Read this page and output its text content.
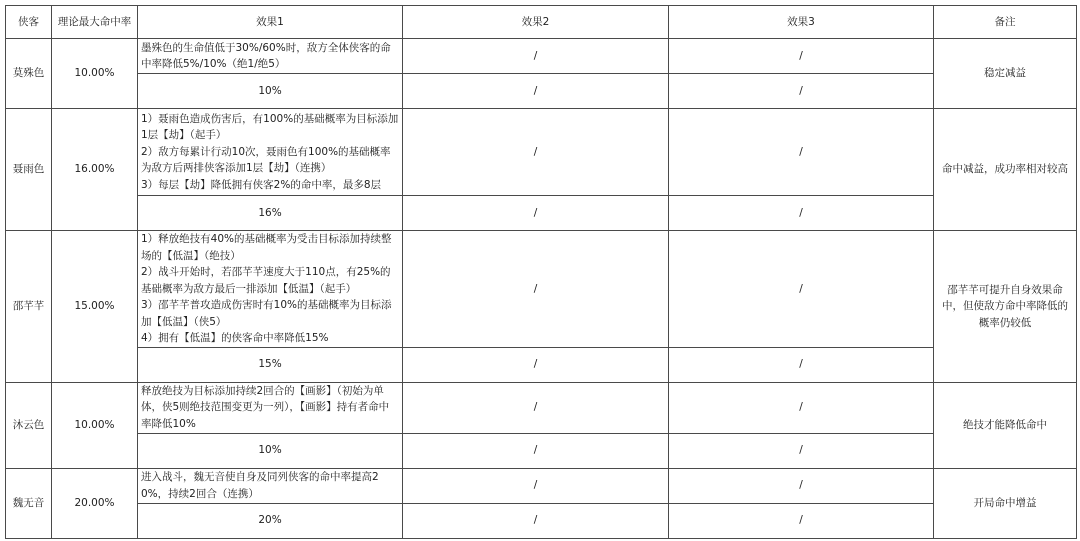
侠客	理论最大命中率	效果1	效果2	效果3	备注
莫殊色	10.00%	墨殊色的生命值低于30%/60%时，敌方全体侠客的命中率降低5%/10%（绝1/绝5）	/	/	稳定减益
		10%	/	/	
聂雨色	16.00%	1）聂雨色造成伤害后，有100%的基础概率为目标添加1层【劫】（起手）
2）敌方每累计行动10次，聂雨色有100%的基础概率为敌方后两排侠客添加1层【劫】（连携）
3）每层【劫】降低拥有侠客2%的命中率，最多8层	/	/	命中减益，成功率相对较高
		16%	/	/	
邵芊芊	15.00%	1）释放绝技有40%的基础概率为受击目标添加持续整场的【低温】（绝技）
2）战斗开始时，若邵芊芊速度大于110点，有25%的基础概率为敌方最后一排添加【低温】（起手）
3）邵芊芊普攻造成伤害时有10%的基础概率为目标添加【低温】（侠5）
4）拥有【低温】的侠客命中率降低15%	/	/	邵芊芊可提升自身效果命中，但使敌方命中率降低的概率仍较低
		15%	/	/	
沐云色	10.00%	释放绝技为目标添加持续2回合的【画影】（初始为单体，侠5则绝技范围变更为一列），【画影】持有者命中率降低10%	/	/	绝技才能降低命中
		10%	/	/	
魏无音	20.00%	进入战斗，魏无音使自身及同列侠客的命中率提高20%，持续2回合（连携）	/	/	开局命中增益
		20%	/	/	
